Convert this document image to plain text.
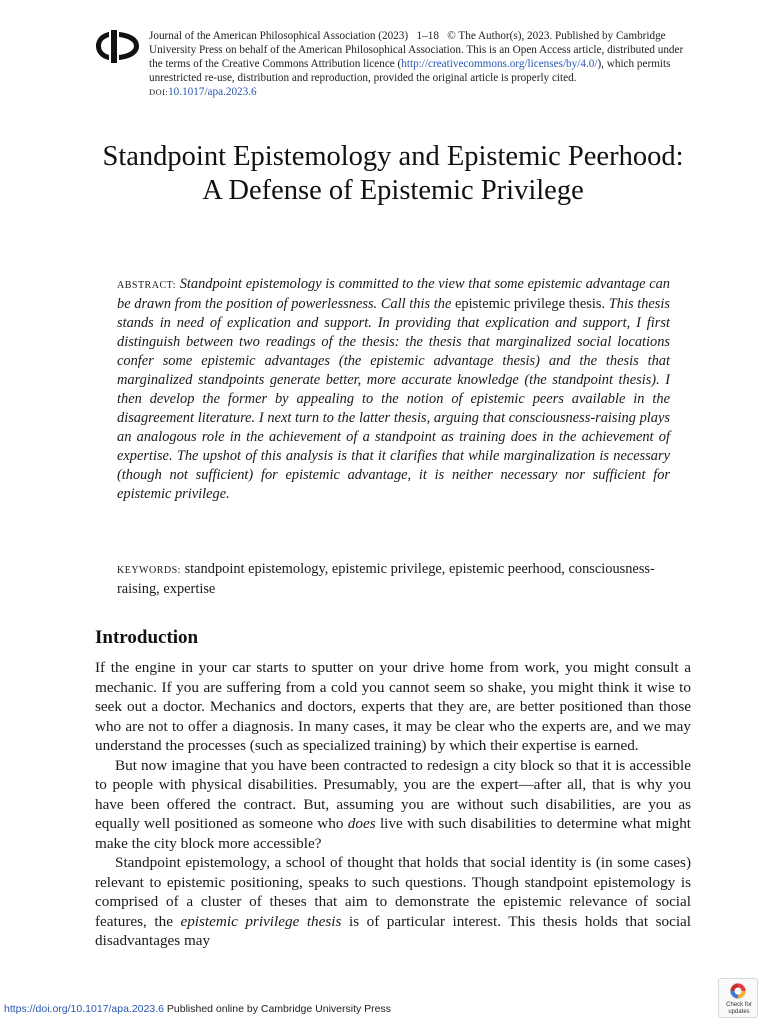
Journal of the American Philosophical Association (2023) 1–18 © The Author(s), 2023. Published by Cambridge University Press on behalf of the American Philosophical Association. This is an Open Access article, distributed under the terms of the Creative Commons Attribution licence (http://creativecommons.org/licenses/by/4.0/), which permits unrestricted re-use, distribution and reproduction, provided the original article is properly cited.
DOI:10.1017/apa.2023.6
Standpoint Epistemology and Epistemic Peerhood: A Defense of Epistemic Privilege
ABSTRACT: Standpoint epistemology is committed to the view that some epistemic advantage can be drawn from the position of powerlessness. Call this the epistemic privilege thesis. This thesis stands in need of explication and support. In providing that explication and support, I first distinguish between two readings of the thesis: the thesis that marginalized social locations confer some epistemic advantages (the epistemic advantage thesis) and the thesis that marginalized standpoints generate better, more accurate knowledge (the standpoint thesis). I then develop the former by appealing to the notion of epistemic peers available in the disagreement literature. I next turn to the latter thesis, arguing that consciousness-raising plays an analogous role in the achievement of a standpoint as training does in the achievement of expertise. The upshot of this analysis is that it clarifies that while marginalization is necessary (though not sufficient) for epistemic advantage, it is neither necessary nor sufficient for epistemic privilege.
KEYWORDS: standpoint epistemology, epistemic privilege, epistemic peerhood, consciousness-raising, expertise
Introduction

If the engine in your car starts to sputter on your drive home from work, you might consult a mechanic. If you are suffering from a cold you cannot seem so shake, you might think it wise to seek out a doctor. Mechanics and doctors, experts that they are, are better positioned than those who are not to offer a diagnosis. In many cases, it may be clear who the experts are, and we may understand the processes (such as specialized training) by which their expertise is earned.

But now imagine that you have been contracted to redesign a city block so that it is accessible to people with physical disabilities. Presumably, you are the expert—after all, that is why you have been offered the contract. But, assuming you are without such disabilities, are you as equally well positioned as someone who does live with such disabilities to determine what might make the city block more accessible?

Standpoint epistemology, a school of thought that holds that social identity is (in some cases) relevant to epistemic positioning, speaks to such questions. Though standpoint epistemology is comprised of a cluster of theses that aim to demonstrate the epistemic relevance of social features, the epistemic privilege thesis is of particular interest. This thesis holds that social disadvantages may

https://doi.org/10.1017/apa.2023.6 Published online by Cambridge University Press	Check for
updates
